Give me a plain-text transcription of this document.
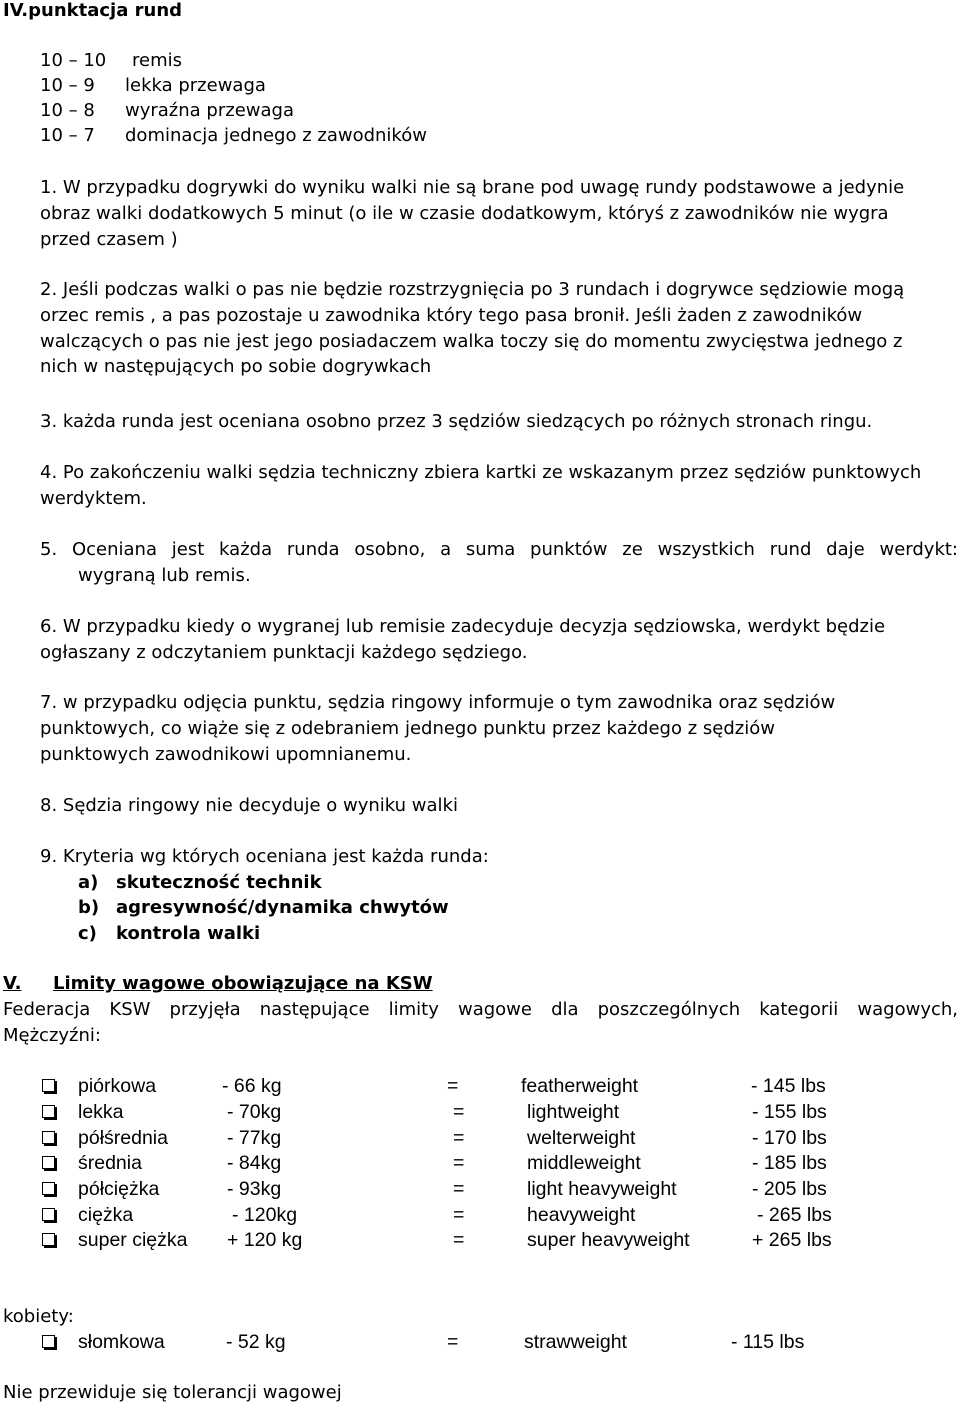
IV.punktacja rund
10 – 10 remis
10 – 9 lekka przewaga
10 – 8 wyraźna przewaga
10 – 7 dominacja jednego z zawodników
1. W przypadku dogrywki do wyniku walki nie są brane pod uwagę rundy podstawowe a jedynie
obraz walki dodatkowych 5 minut (o ile w czasie dodatkowym, któryś z zawodników nie wygra
przed czasem )
2. Jeśli podczas walki o pas nie będzie rozstrzygnięcia po 3 rundach i dogrywce sędziowie mogą
orzec remis , a pas pozostaje u zawodnika który tego pasa bronił. Jeśli żaden z zawodników
walczących o pas nie jest jego posiadaczem walka toczy się do momentu zwycięstwa jednego z
nich w następujących po sobie dogrywkach
3. każda runda jest oceniana osobno przez 3 sędziów siedzących po różnych stronach ringu.
4. Po zakończeniu walki sędzia techniczny zbiera kartki ze wskazanym przez sędziów punktowych
werdyktem.
5. Oceniana jest każda runda osobno, a suma punktów ze wszystkich rund daje werdykt:
wygraną lub remis.
6. W przypadku kiedy o wygranej lub remisie zadecyduje decyzja sędziowska, werdykt będzie
ogłaszany z odczytaniem punktacji każdego sędziego.
7. w przypadku odjęcia punktu, sędzia ringowy informuje o tym zawodnika oraz sędziów
punktowych, co wiąże się z odebraniem jednego punktu przez każdego z sędziów
punktowych zawodnikowi upomnianemu.
8. Sędzia ringowy nie decyduje o wyniku walki
9. Kryteria wg których oceniana jest każda runda:
a) skuteczność technik
b) agresywność/dynamika chwytów
c) kontrola walki
V. Limity wagowe obowiązujące na KSW
Federacja KSW przyjęła następujące limity wagowe dla poszczególnych kategorii wagowych,
Mężczyźni:
piórkowa	- 66 kg	=	featherweight	- 145 lbs
lekka	- 70kg	=	lightweight	- 155 lbs
półśrednia	- 77kg	=	welterweight	- 170 lbs
średnia	- 84kg	=	middleweight	- 185 lbs
półciężka	- 93kg	=	light heavyweight	- 205 lbs
ciężka	- 120kg	=	heavyweight	- 265 lbs
super ciężka + 120 kg	=	super heavyweight	+ 265 lbs
kobiety:
słomkowa	- 52 kg	=	strawweight	- 115 lbs
Nie przewiduje się tolerancji wagowej
